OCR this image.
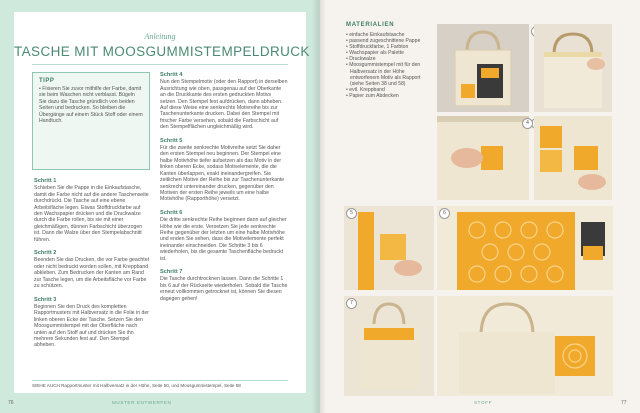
Anleitung
TASCHE MIT MOOSGUMMISTEMPELDRUCK
TIPP
• Fixieren Sie zuvor mithilfe der Farbe, damit sie beim Waschen nicht verblasst. Bügeln Sie dazu die Tasche gründlich von beiden Seiten und bedrucken. So bleiben die Übergänge auf einem Stück Stoff oder einem Handtuch.
Schritt 1
Schieben Sie die Pappe in die Einkaufstasche, damit die Farbe nicht auf die andere Taschenseite durchdrückt. Die Tasche auf eine ebene Arbeitsfläche legen. Etwas Stoffdruckfarbe auf den Wachspapier drücken und die Druckwalze durch die Farbe rollen, bis sie mit einer gleichmäßigen, dünnen Farbschicht überzogen ist. Dann die Walze über den Stempelabschnitt führen.
Schritt 2
Beenden Sie das Drucken, die vor Farbe geachtet oder nicht bedruckt worden sollen, mit Kreppband abkleben. Zum Bedrucken der Kanten am Rand zur Tasche legen, um die Arbeitsfläche vor Farbe zu schützen.
Schritt 3
Beginnen Sie den Druck des kompletten Rapportmusters mit Halbversatz in die Folie in der linken oberen Ecke der Tasche. Setzen Sie den Moosgummistempel mit der Oberfläche nach unten auf den Stoff auf und drücken Sie ihn mehrere Sekunden fest auf. Den Stempel abheben.
Schritt 4
Nun den Stempelmotiv (oder den Rapport) in derselben Ausrichtung wie oben, passgenau auf der Oberkante an die Druckkante des ersten gedruckten Motivs setzen. Den Stempel fest aufdrücken, dann abheben. Auf diese Weise eine senkrechte Motivreihe bis zur Taschenunterkante drucken. Dabei den Stempel mit frischer Farbe versehen, sobald die Farbschicht auf den Stempelflächen ungleichmäßig wird.
Schritt 5
Für die zweite senkrechte Motivreihe setzt Sie daher den ersten Stempel neu beginnen. Der Stempel eine halbe Motivhöhe tiefer aufsetzen als das Motiv in der linken oberen Ecke, sodass Motivelemente, die die Kanten überlappen, exakt ineinandergreifen. Sie zeitlichen Motive der Reihe bis zur Taschenunterkante senkrecht untereinander drucken, gegenüber den Motiven der ersten Reihe jeweils um eine halbe Motivhöhe (Rapporthöhe) versetzt.
Schritt 6
Die dritte senkrechte Reihe beginnen dann auf gleicher Höhe wie die erste. Versetzen Sie jede senkrechte Reihe gegenüber der letzten um eine halbe Motivhöhe und enden Sie sehen, dass die Motivelemente perfekt ineinander einschneiden. Die Schritte 3 bis 6 wiederholen, bis die gesamte Taschenfläche bedruckt ist.
Schritt 7
Die Tasche durchtrocknen lassen. Dann die Schritte 1 bis 6 auf der Rückseite wiederholen. Sobald die Tasche erneut vollkommen getrocknet ist, können Sie diesen dagegen gehen!
SIEHE AUCH Rapportmuster mit Halbversatz in der Höhe, Seite 50, und Moosgummistempel, Seite 58
76	MUSTER ENTWERFEN
MATERIALIEN
• einfache Einkaufstasche
• passend zugeschnittene Pappe
• Stoffdruckfarbe, 1 Farbton
• Wachspapier als Palette
• Druckwalze
• Moosgummistempel mit für den Halbversatz in der Höhe entworfenem Motiv als Rapport (siehe Seiten 38 und 58)
• evtl. Kreppband
• Papier zum Abdecken
4
5	6
7
STOFF	77
